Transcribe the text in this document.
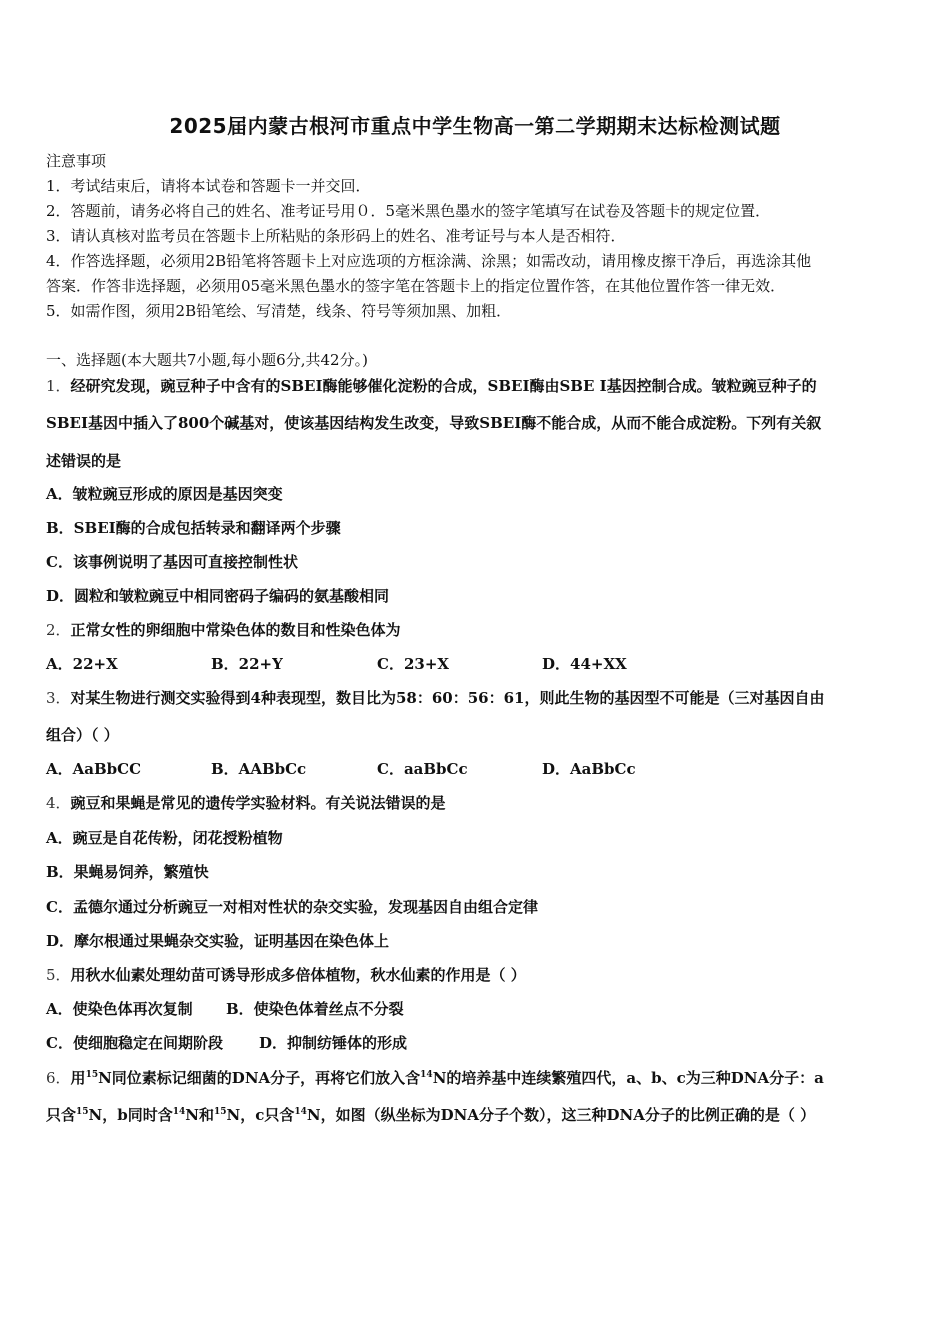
2025届内蒙古根河市重点中学生物高一第二学期期末达标检测试题
注意事项
1．考试结束后，请将本试卷和答题卡一并交回．
2．答题前，请务必将自己的姓名、准考证号用０．5毫米黑色墨水的签字笔填写在试卷及答题卡的规定位置．
3．请认真核对监考员在答题卡上所粘贴的条形码上的姓名、准考证号与本人是否相符．
4．作答选择题，必须用2B铅笔将答题卡上对应选项的方框涂满、涂黑；如需改动，请用橡皮擦干净后，再选涂其他
答案．作答非选择题，必须用05毫米黑色墨水的签字笔在答题卡上的指定位置作答，在其他位置作答一律无效．
5．如需作图，须用2B铅笔绘、写清楚，线条、符号等须加黑、加粗．
一、选择题(本大题共7小题,每小题6分,共42分。)
1．经研究发现，豌豆种子中含有的SBEI酶能够催化淀粉的合成，SBEI酶由SBE I基因控制合成。皱粒豌豆种子的
SBEI基因中插入了800个碱基对，使该基因结构发生改变，导致SBEI酶不能合成，从而不能合成淀粉。下列有关叙
述错误的是
A．皱粒豌豆形成的原因是基因突变
B．SBEI酶的合成包括转录和翻译两个步骤
C．该事例说明了基因可直接控制性状
D．圆粒和皱粒豌豆中相同密码子编码的氨基酸相同
2．正常女性的卵细胞中常染色体的数目和性染色体为
A．22+X	B．22+Y	C．23+X	D．44+XX
3．对某生物进行测交实验得到4种表现型，数目比为58：60：56：61，则此生物的基因型不可能是（三对基因自由
组合）（ ）
A．AaBbCC	B．AABbCc	C．aaBbCc	D．AaBbCc
4．豌豆和果蝇是常见的遗传学实验材料。有关说法错误的是
A．豌豆是自花传粉，闭花授粉植物
B．果蝇易饲养，繁殖快
C．孟德尔通过分析豌豆一对相对性状的杂交实验，发现基因自由组合定律
D．摩尔根通过果蝇杂交实验，证明基因在染色体上
5．用秋水仙素处理幼苗可诱导形成多倍体植物，秋水仙素的作用是（ ）
A．使染色体再次复制 B．使染色体着丝点不分裂
C．使细胞稳定在间期阶段 D．抑制纺锤体的形成
6．用$^{15}$N同位素标记细菌的DNA分子，再将它们放入含$^{14}$N的培养基中连续繁殖四代，a、b、c为三种DNA分子：a
只含$^{15}$N，b同时含$^{14}$N和$^{15}$N，c只含$^{14}$N，如图（纵坐标为DNA分子个数），这三种DNA分子的比例正确的是（ ）
